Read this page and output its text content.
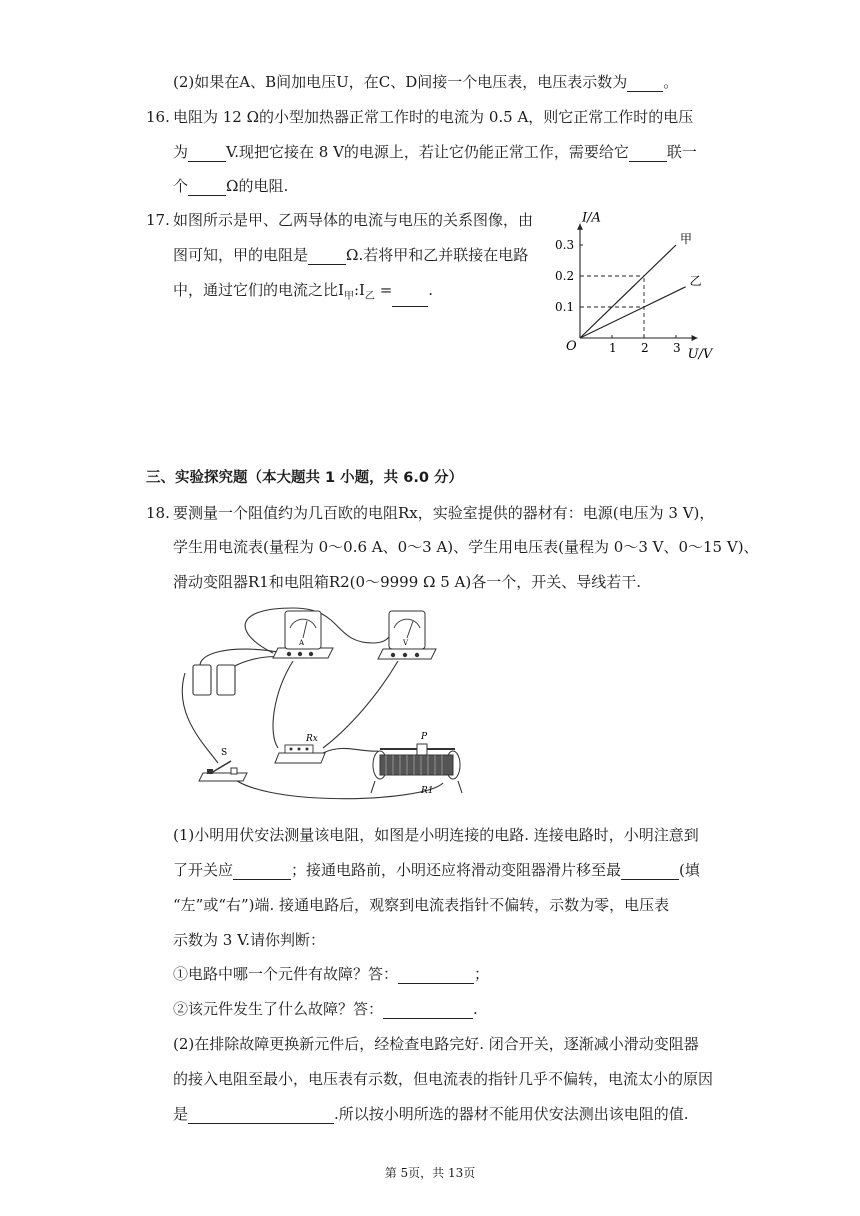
(2)如果在A、B间加电压U，在C、D间接一个电压表，电压表示数为 。
16. 电阻为 12 Ω的小型加热器正常工作时的电流为 0.5 A，则它正常工作时的电压
为	V.现把它接在 8 V的电源上，若让它仍能正常工作，需要给它	联一
个	Ω的电阻.
17. 如图所示是甲、乙两导体的电流与电压的关系图像，由
图可知，甲的电阻是	Ω.若将甲和乙并联接在电路
中，通过它们的电流之比$I_甲:I_乙$ = .
1 2 3
0.1
0.2
0.3	甲
乙
I/A
U/V
O
三、实验探究题（本大题共 1 小题，共 6.0 分）
18. 要测量一个阻值约为几百欧的电阻Rx，实验室提供的器材有：电源(电压为 3 V)，
学生用电流表(量程为 0～0.6 A、0～3 A)、学生用电压表(量程为 0～3 V、0～15 V)、
滑动变阻器R1和电阻箱R2(0～9999 Ω 5 A)各一个，开关、导线若干.
A	V
Rx	P
R1
S
(1)小明用伏安法测量该电阻，如图是小明连接的电路. 连接电路时，小明注意到
了开关应	；接通电路前，小明还应将滑动变阻器滑片移至最	(填
“左”或“右”)端. 接通电路后，观察到电流表指针不偏转，示数为零，电压表
示数为 3 V.请你判断：
①电路中哪一个元件有故障？答：	；
②该元件发生了什么故障？答：	.
(2)在排除故障更换新元件后，经检查电路完好. 闭合开关，逐渐减小滑动变阻器
的接入电阻至最小，电压表有示数，但电流表的指针几乎不偏转，电流太小的原因
是	.所以按小明所选的器材不能用伏安法测出该电阻的值.
第 5页，共 13页
